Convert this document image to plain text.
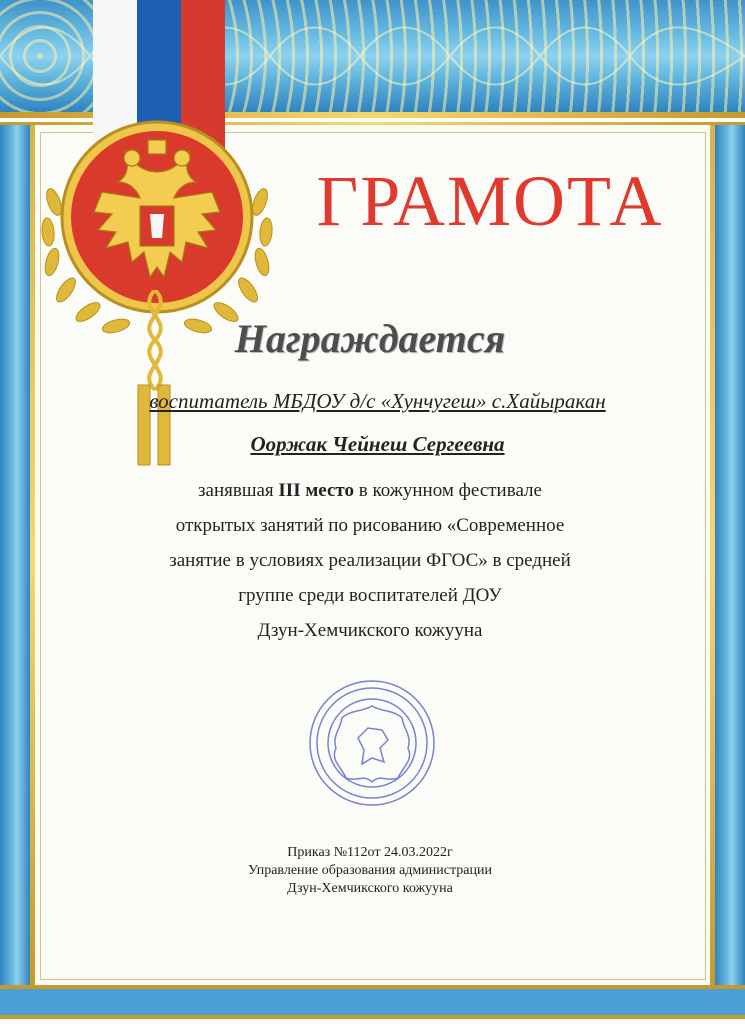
ГРАМОТА
Награждается
воспитатель МБДОУ д/с «Хунчугеш» с.Хайыракан
Ооржак Чейнеш Сергеевна
занявшая III место в кожунном фестивале
открытых занятий по рисованию «Современное
занятие в условиях реализации ФГОС» в средней
группе среди воспитателей ДОУ
Дзун-Хемчикского кожууна
Приказ №112от 24.03.2022г
Управление образования администрации
Дзун-Хемчикского кожууна
